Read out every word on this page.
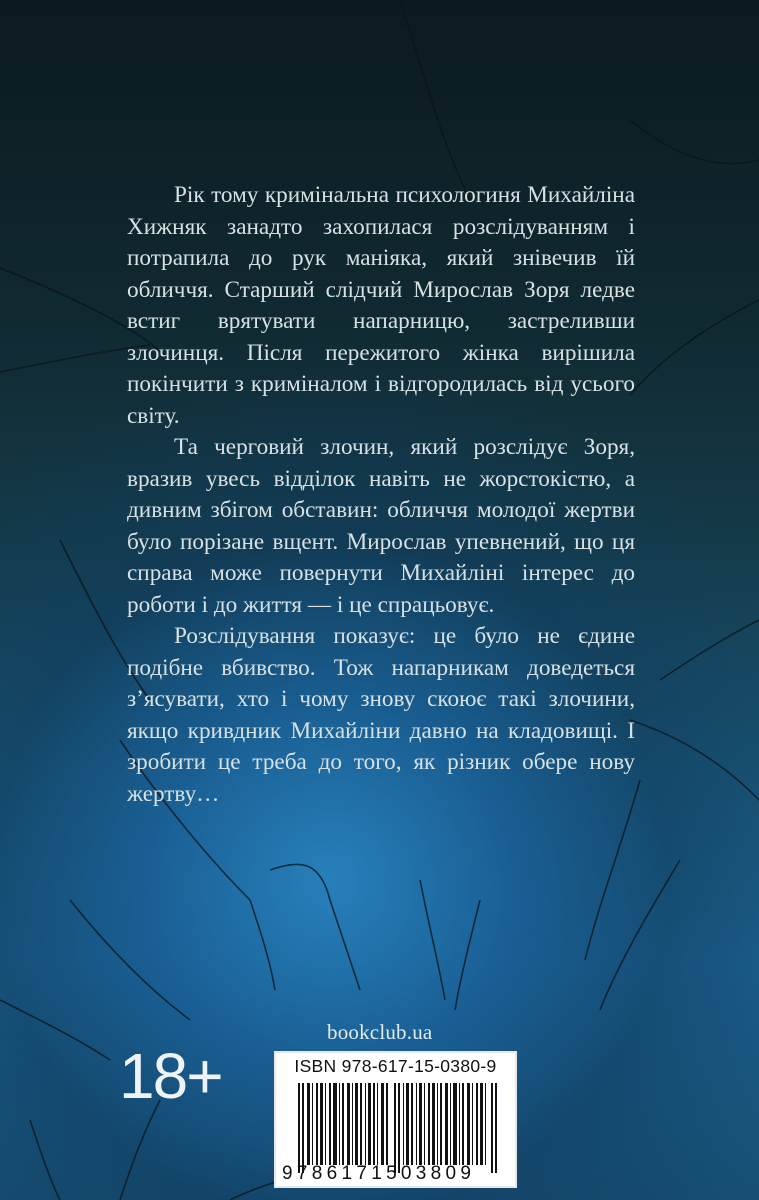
Рік тому кримінальна психологиня Михайліна Хижняк занадто захопилася розслідуванням і потрапила до рук маніяка, який знівечив їй обличчя. Старший слідчий Мирослав Зоря ледве встиг врятувати напарницю, застреливши злочинця. Після пережитого жінка вирішила покінчити з криміналом і відгородилась від усього світу.

Та черговий злочин, який розслідує Зоря, вразив увесь відділок навіть не жорстокістю, а дивним збігом обставин: обличчя молодої жертви було порізане вщент. Мирослав упевнений, що ця справа може повернути Михайліні інтерес до роботи і до життя — і це спрацьовує.

Розслідування показує: це було не єдине подібне вбивство. Тож напарникам доведеться з’ясувати, хто і чому знову скоює такі злочини, якщо кривдник Михайліни давно на кладовищі. І зробити це треба до того, як різник обере нову жертву…

bookclub.ua
18+	ISBN 978-617-15-0380-9
9786171503809
